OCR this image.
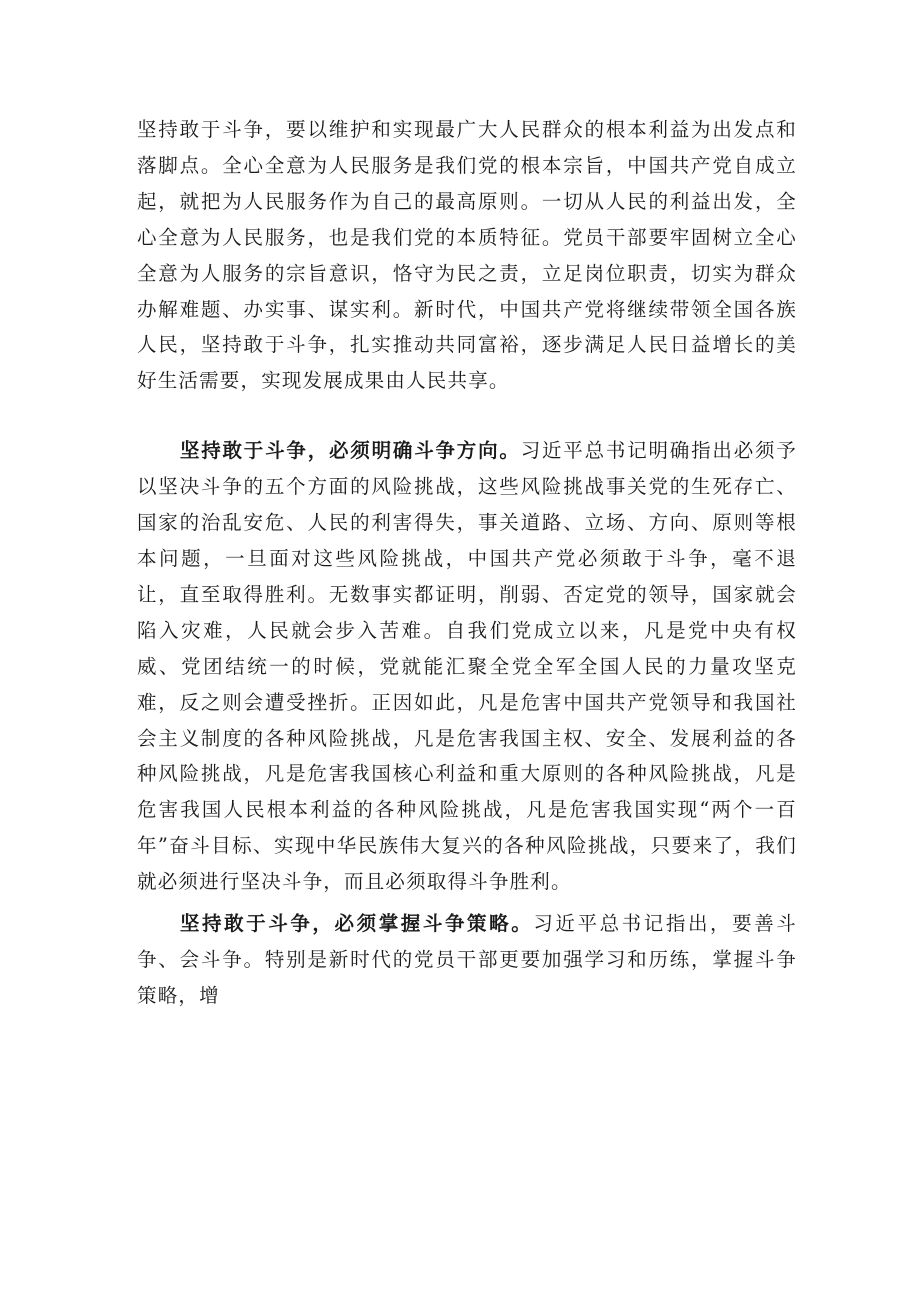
坚持敢于斗争，要以维护和实现最广大人民群众的根本利益为出发点和落脚点。全心全意为人民服务是我们党的根本宗旨，中国共产党自成立起，就把为人民服务作为自己的最高原则。一切从人民的利益出发，全心全意为人民服务，也是我们党的本质特征。党员干部要牢固树立全心全意为人服务的宗旨意识，恪守为民之责，立足岗位职责，切实为群众办解难题、办实事、谋实利。新时代，中国共产党将继续带领全国各族人民，坚持敢于斗争，扎实推动共同富裕，逐步满足人民日益增长的美好生活需要，实现发展成果由人民共享。

坚持敢于斗争，必须明确斗争方向。习近平总书记明确指出必须予以坚决斗争的五个方面的风险挑战，这些风险挑战事关党的生死存亡、国家的治乱安危、人民的利害得失，事关道路、立场、方向、原则等根本问题，一旦面对这些风险挑战，中国共产党必须敢于斗争，毫不退让，直至取得胜利。无数事实都证明，削弱、否定党的领导，国家就会陷入灾难，人民就会步入苦难。自我们党成立以来，凡是党中央有权威、党团结统一的时候，党就能汇聚全党全军全国人民的力量攻坚克难，反之则会遭受挫折。正因如此，凡是危害中国共产党领导和我国社会主义制度的各种风险挑战，凡是危害我国主权、安全、发展利益的各种风险挑战，凡是危害我国核心利益和重大原则的各种风险挑战，凡是危害我国人民根本利益的各种风险挑战，凡是危害我国实现“两个一百年”奋斗目标、实现中华民族伟大复兴的各种风险挑战，只要来了，我们就必须进行坚决斗争，而且必须取得斗争胜利。

坚持敢于斗争，必须掌握斗争策略。习近平总书记指出，要善斗争、会斗争。特别是新时代的党员干部更要加强学习和历练，掌握斗争策略，增
